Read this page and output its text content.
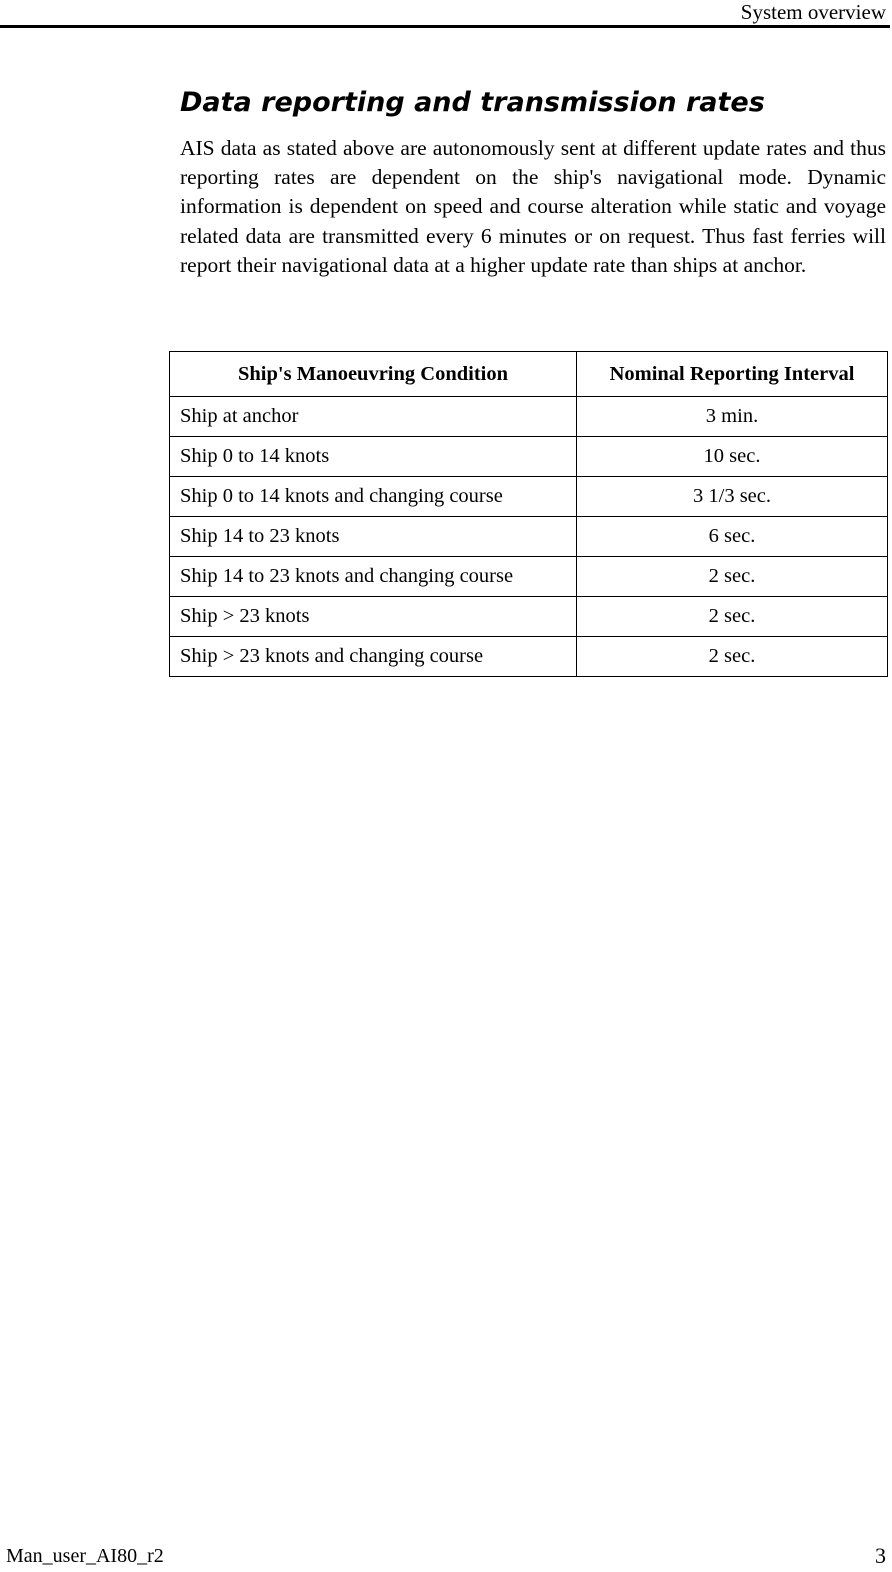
System overview
Data reporting and transmission rates

AIS data as stated above are autonomously sent at different update rates and thus reporting rates are dependent on the ship's navigational mode. Dynamic information is dependent on speed and course alteration while static and voyage related data are transmitted every 6 minutes or on request. Thus fast ferries will report their navigational data at a higher update rate than ships at anchor.

Ship's Manoeuvring Condition	Nominal Reporting Interval
Ship at anchor	3 min.
Ship 0 to 14 knots	10 sec.
Ship 0 to 14 knots and changing course	3 1/3 sec.
Ship 14 to 23 knots	6 sec.
Ship 14 to 23 knots and changing course	2 sec.
Ship > 23 knots	2 sec.
Ship > 23 knots and changing course	2 sec.
Man_user_AI80_r2	3
